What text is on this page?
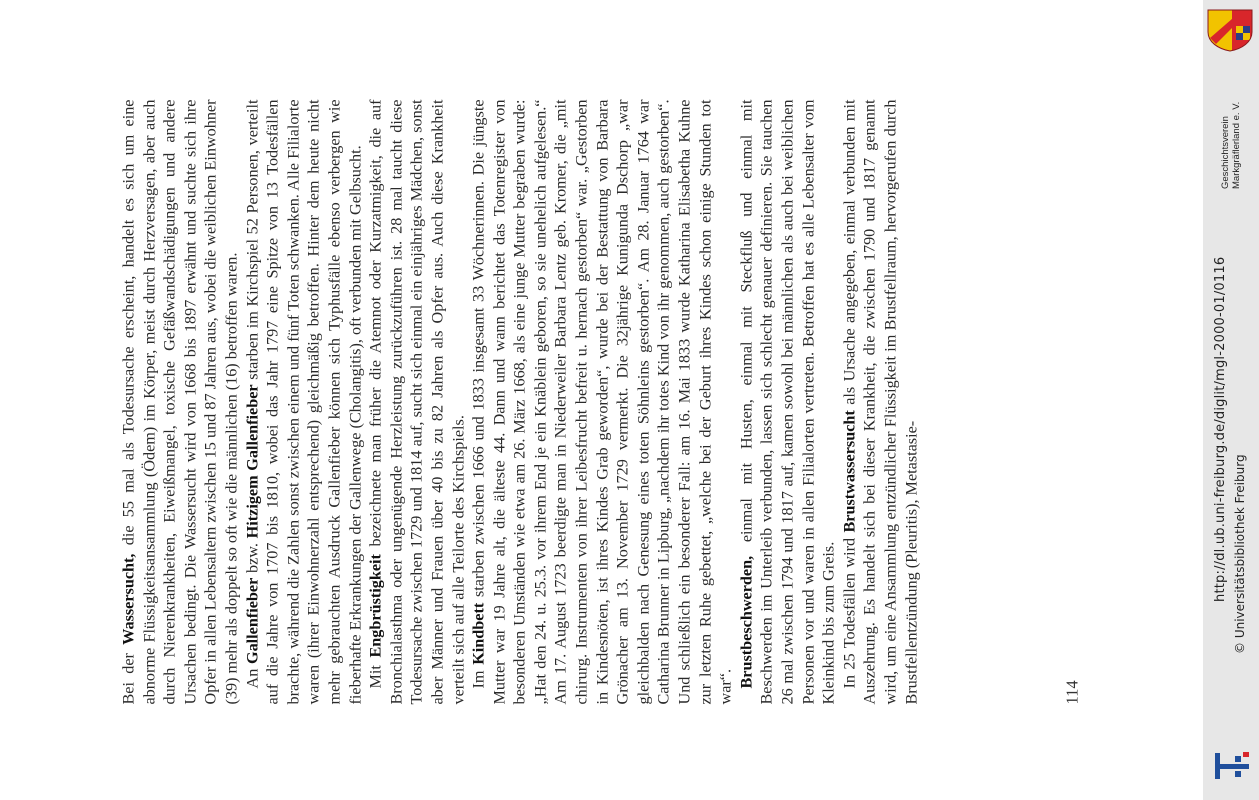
Bei der Wassersucht, die 55 mal als Todesursache erscheint, handelt es sich um eine abnorme Flüssigkeitsansammlung (Ödem) im Körper, meist durch Herzversagen, aber auch durch Nierenkrankheiten, Eiweißmangel, toxische Gefäßwandschädigungen und andere Ursachen bedingt. Die Wassersucht wird von 1668 bis 1897 erwähnt und suchte sich ihre Opfer in allen Lebensaltern zwischen 15 und 87 Jahren aus, wobei die weiblichen Einwohner (39) mehr als doppelt so oft wie die männlichen (16) betroffen waren. An Gallenfieber bzw. Hitzigem Gallenfieber starben im Kirchspiel 52 Personen, verteilt auf die Jahre von 1707 bis 1810, wobei das Jahr 1797 eine Spitze von 13 Todesfällen brachte, während die Zahlen sonst zwischen einem und fünf Toten schwanken. Alle Filialorte waren (ihrer Einwohnerzahl entsprechend) gleichmäßig betroffen. Hinter dem heute nicht mehr gebrauchten Ausdruck Gallenfieber können sich Typhusfälle ebenso verbergen wie fieberhafte Erkrankungen der Gallenwege (Cholangitis), oft verbunden mit Gelbsucht. Mit Engbrüstigkeit bezeichnete man früher die Atemnot oder Kurzatmigkeit, die auf Bronchialasthma oder ungenügende Herzleistung zurückzuführen ist. 28 mal taucht diese Todesursache zwischen 1729 und 1814 auf, sucht sich einmal ein einjähriges Mädchen, sonst aber Männer und Frauen über 40 bis zu 82 Jahren als Opfer aus. Auch diese Krankheit verteilt sich auf alle Teilorte des Kirchspiels. Im Kindbett starben zwischen 1666 und 1833 insgesamt 33 Wöchnerinnen. Die jüngste Mutter war 19 Jahre alt, die älteste 44. Dann und wann berichtet das Totenregister von besonderen Umständen wie etwa am 26. März 1668, als eine junge Mutter begraben wurde: „Hat den 24. u. 25.3. vor ihrem End je ein Knäblein geboren, so sie unehelich aufgelesen.“ Am 17. August 1723 beerdigte man in Niederweiler Barbara Lentz geb. Kromer, die „mit chirurg. Instrumenten von ihrer Leibesfrucht befreit u. hernach gestorben“ war. „Gestorben in Kindesnöten, ist ihres Kindes Grab geworden“, wurde bei der Bestattung von Barbara Grönacher am 13. November 1729 vermerkt. Die 32jährige Kunigunda Dschorp „war gleichbalden nach Genesung eines toten Söhnleins gestorben“. Am 28. Januar 1764 war Catharina Brunner in Lipburg, „nachdem ihr totes Kind von ihr genommen, auch gestorben“. Und schließlich ein besonderer Fall: am 16. Mai 1833 wurde Katharina Elisabetha Kuhne zur letzten Ruhe gebettet, „welche bei der Geburt ihres Kindes schon einige Stunden tot war“. Brustbeschwerden, einmal mit Husten, einmal mit Steckfluß und einmal mit Beschwerden im Unterleib verbunden, lassen sich schlecht genauer definieren. Sie tauchen 26 mal zwischen 1794 und 1817 auf, kamen sowohl bei männlichen als auch bei weiblichen Personen vor und waren in allen Filialorten vertreten. Betroffen hat es alle Lebensalter vom Kleinkind bis zum Greis. In 25 Todesfällen wird Brustwassersucht als Ursache angegeben, einmal verbunden mit Auszehrung. Es handelt sich bei dieser Krankheit, die zwischen 1790 und 1817 genannt wird, um eine Ansammlung entzündlicher Flüssigkeit im Brustfellraum, hervorgerufen durch Brustfellentzündung (Pleuritis), Metastasie-	114
http://dl.ub.uni-freiburg.de/diglit/mgl-2000-01/0116 © Universitätsbibliothek Freiburg
Geschichtsverein Markgräflerland e. V.
